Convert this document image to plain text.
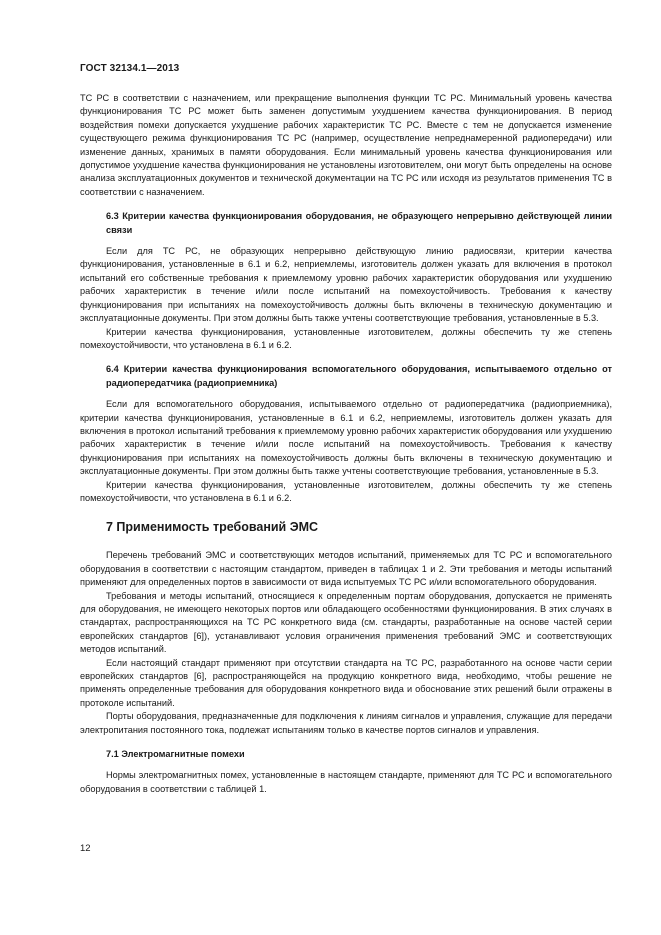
ГОСТ 32134.1—2013

ТС РС в соответствии с назначением, или прекращение выполнения функции ТС РС. Минимальный уровень качества функционирования ТС РС может быть заменен допустимым ухудшением качества функционирования. В период воздействия помехи допускается ухудшение рабочих характеристик ТС РС. Вместе с тем не допускается изменение существующего режима функционирования ТС РС (например, осуществление непреднамеренной радиопередачи) или изменение данных, хранимых в памяти оборудования. Если минимальный уровень качества функционирования или допустимое ухудшение качества функционирования не установлены изготовителем, они могут быть определены на основе анализа эксплуатационных документов и технической документации на ТС РС или исходя из результатов применения ТС в соответствии с назначением.

6.3 Критерии качества функционирования оборудования, не образующего непрерывно действующей линии связи

Если для ТС РС, не образующих непрерывно действующую линию радиосвязи, критерии качества функционирования, установленные в 6.1 и 6.2, неприемлемы, изготовитель должен указать для включения в протокол испытаний его собственные требования к приемлемому уровню рабочих характеристик оборудования или ухудшению рабочих характеристик в течение и/или после испытаний на помехоустойчивость. Требования к качеству функционирования при испытаниях на помехоустойчивость должны быть включены в техническую документацию и эксплуатационные документы. При этом должны быть также учтены соответствующие требования, установленные в 5.3.

Критерии качества функционирования, установленные изготовителем, должны обеспечить ту же степень помехоустойчивости, что установлена в 6.1 и 6.2.

6.4 Критерии качества функционирования вспомогательного оборудования, испытываемого отдельно от радиопередатчика (радиоприемника)

Если для вспомогательного оборудования, испытываемого отдельно от радиопередатчика (радиоприемника), критерии качества функционирования, установленные в 6.1 и 6.2, неприемлемы, изготовитель должен указать для включения в протокол испытаний требования к приемлемому уровню рабочих характеристик оборудования или ухудшению рабочих характеристик в течение и/или после испытаний на помехоустойчивость. Требования к качеству функционирования при испытаниях на помехоустойчивость должны быть включены в техническую документацию и эксплуатационные документы. При этом должны быть также учтены соответствующие требования, установленные в 5.3.

Критерии качества функционирования, установленные изготовителем, должны обеспечить ту же степень помехоустойчивости, что установлена в 6.1 и 6.2.

7 Применимость требований ЭМС

Перечень требований ЭМС и соответствующих методов испытаний, применяемых для ТС РС и вспомогательного оборудования в соответствии с настоящим стандартом, приведен в таблицах 1 и 2. Эти требования и методы испытаний применяют для определенных портов в зависимости от вида испытуемых ТС РС и/или вспомогательного оборудования.

Требования и методы испытаний, относящиеся к определенным портам оборудования, допускается не применять для оборудования, не имеющего некоторых портов или обладающего особенностями функционирования. В этих случаях в стандартах, распространяющихся на ТС РС конкретного вида (см. стандарты, разработанные на основе частей серии европейских стандартов [6]), устанавливают условия ограничения применения требований ЭМС и соответствующих методов испытаний.

Если настоящий стандарт применяют при отсутствии стандарта на ТС РС, разработанного на основе части серии европейских стандартов [6], распространяющейся на продукцию конкретного вида, необходимо, чтобы решение не применять определенные требования для оборудования конкретного вида и обоснование этих решений были отражены в протоколе испытаний.

Порты оборудования, предназначенные для подключения к линиям сигналов и управления, служащие для передачи электропитания постоянного тока, подлежат испытаниям только в качестве портов сигналов и управления.

7.1 Электромагнитные помехи

Нормы электромагнитных помех, установленные в настоящем стандарте, применяют для ТС РС и вспомогательного оборудования в соответствии с таблицей 1.

12
